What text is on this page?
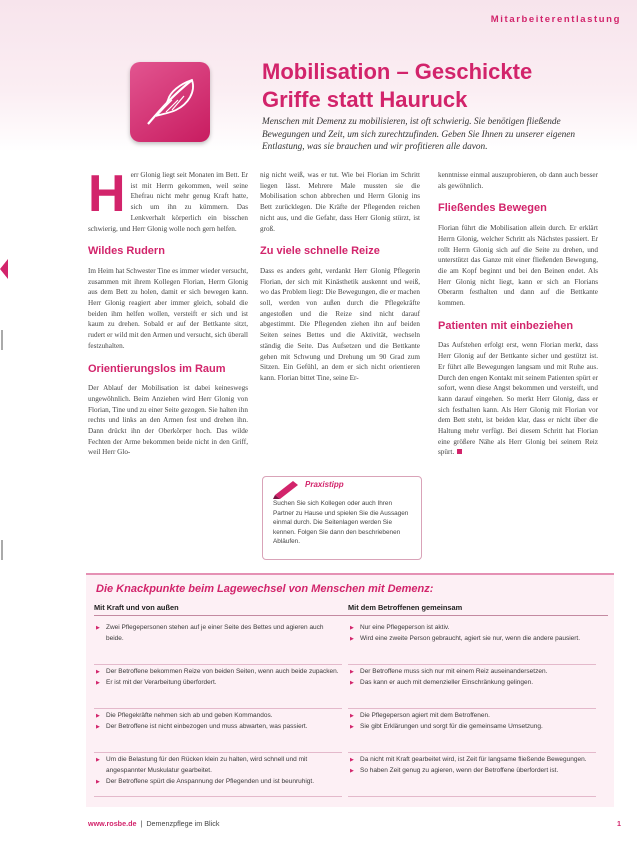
Mitarbeiterentlastung
Mobilisation – Geschickte
Griffe statt Hauruck

Menschen mit Demenz zu mobilisieren, ist oft schwierig. Sie benötigen fließende Bewegungen und Zeit, um sich zurechtzufinden. Geben Sie Ihnen zu unserer eigenen Entlastung, was sie brauchen und wir profitieren alle davon.

Herr Glonig liegt seit Monaten im Bett. Er ist mit Herrn gekommen, weil seine Ehefrau nicht mehr genug Kraft hatte, sich um ihn zu kümmern. Das Lenkverhalt körperlich ein bisschen schwierig, und Herr Glonig wolle noch gern helfen.

Wildes Rudern

Im Heim hat Schwester Tine es immer wieder versucht, zusammen mit ihrem Kollegen Florian, Herrn Glonig aus dem Bett zu holen, damit er sich bewegen kann. Herr Glonig reagiert aber immer gleich, sobald die beiden ihm helfen wollen, versteift er sich und ist kaum zu drehen. Sobald er auf der Bettkante sitzt, rudert er wild mit den Armen und versucht, sich überall festzuhalten.

Orientierungslos im Raum

Der Ablauf der Mobilisation ist dabei keineswegs ungewöhnlich. Beim Anziehen wird Herr Glonig von Florian, Tine und zu einer Seite gezogen. Sie halten ihn rechts und links an den Armen fest und drehen ihn. Dann drückt ihn der Oberkörper hoch. Das wilde Fechten der Arme bekommen beide nicht in den Griff, weil Herr Glo-

nig nicht weiß, was er tut. Wie bei Florian im Schritt liegen lässt. Mehrere Male mussten sie die Mobilisation schon abbrechen und Herrn Glonig ins Bett zurücklegen. Die Kräfte der Pflegenden reichen nicht aus, und die Gefahr, dass Herr Glonig stürzt, ist groß.

Zu viele schnelle Reize

Dass es anders geht, verdankt Herr Glonig Pflegerin Florian, der sich mit Kinästhetik auskennt und weiß, wo das Problem liegt: Die Bewegungen, die er machen soll, werden von außen durch die Pflegekräfte angestoßen und die Reize sind nicht darauf abgestimmt. Die Pflegenden ziehen ihn auf beiden Seiten seines Bettes und die Aktivität, wechseln ständig die Seite. Das Aufsetzen und die Bettkante gehen mit Schwung und Drehung um 90 Grad zum Sitzen. Ein Gefühl, an dem er sich nicht orientieren kann. Florian bittet Tine, seine Er-

Praxistipp
Suchen Sie sich Kollegen oder auch Ihren Partner zu Hause und spielen Sie die Aussagen einmal durch. Die Seitenlagen werden Sie kennen. Folgen Sie dann den beschriebenen Abläufen.

kenntnisse einmal auszuprobieren, ob dann auch besser als gewöhnlich.

Fließendes Bewegen

Florian führt die Mobilisation allein durch. Er erklärt Herrn Glonig, welcher Schritt als Nächstes passiert. Er rollt Herrn Glonig sich auf die Seite zu drehen, und unterstützt das Ganze mit einer fließenden Bewegung, die am Kopf beginnt und bei den Beinen endet. Als Herr Glonig nicht liegt, kann er sich an Florians Oberarm festhalten und dann auf die Bettkante kommen.

Patienten mit einbeziehen

Das Aufstehen erfolgt erst, wenn Florian merkt, dass Herr Glonig auf der Bettkante sicher und gestützt ist. Er führt alle Bewegungen langsam und mit Ruhe aus. Durch den engen Kontakt mit seinem Patienten spürt er sofort, wenn diese Angst bekommen und versteift, und kann darauf eingehen. So merkt Herr Glonig, dass er sich festhalten kann. Als Herr Glonig mit Florian vor dem Bett steht, ist beiden klar, dass er nicht über die Haltung mehr verfügt. Bei diesem Schritt hat Florian eine größere Nähe als Herr Glonig bei seinem Reiz spürt.

Die Knackpunkte beim Lagewechsel von Menschen mit Demenz:
Mit Kraft und von außen	Mit dem Betroffenen gemeinsam
▶ Zwei Pflegepersonen stehen auf je einer Seite des Bettes und agieren auch beide.
▶ Der Betroffene bekommen Reize von beiden Seiten, wenn auch beide zupacken.
▶ Er ist mit der Verarbeitung überfordert.
▶ Die Pflegekräfte nehmen sich ab und geben Kommandos.
▶ Der Betroffene ist nicht einbezogen und muss abwarten, was passiert.
▶ Um die Belastung für den Rücken klein zu halten, wird schnell und mit angespannter Muskulatur gearbeitet.
▶ Der Betroffene spürt die Anspannung der Pflegenden und ist beunruhigt.
▶ Nur eine Pflegeperson ist aktiv.
▶ Wird eine zweite Person gebraucht, agiert sie nur, wenn die andere pausiert.
▶ Der Betroffene muss sich nur mit einem Reiz auseinandersetzen.
▶ Das kann er auch mit demenzieller Einschränkung gelingen.
▶ Die Pflegeperson agiert mit dem Betroffenen.
▶ Sie gibt Erklärungen und sorgt für die gemeinsame Umsetzung.
▶ Da nicht mit Kraft gearbeitet wird, ist Zeit für langsame fließende Bewegungen.
▶ So haben Zeit genug zu agieren, wenn der Betroffene überfordert ist.
www.rosbe.de  |  Demenzpflege im Blick	1
